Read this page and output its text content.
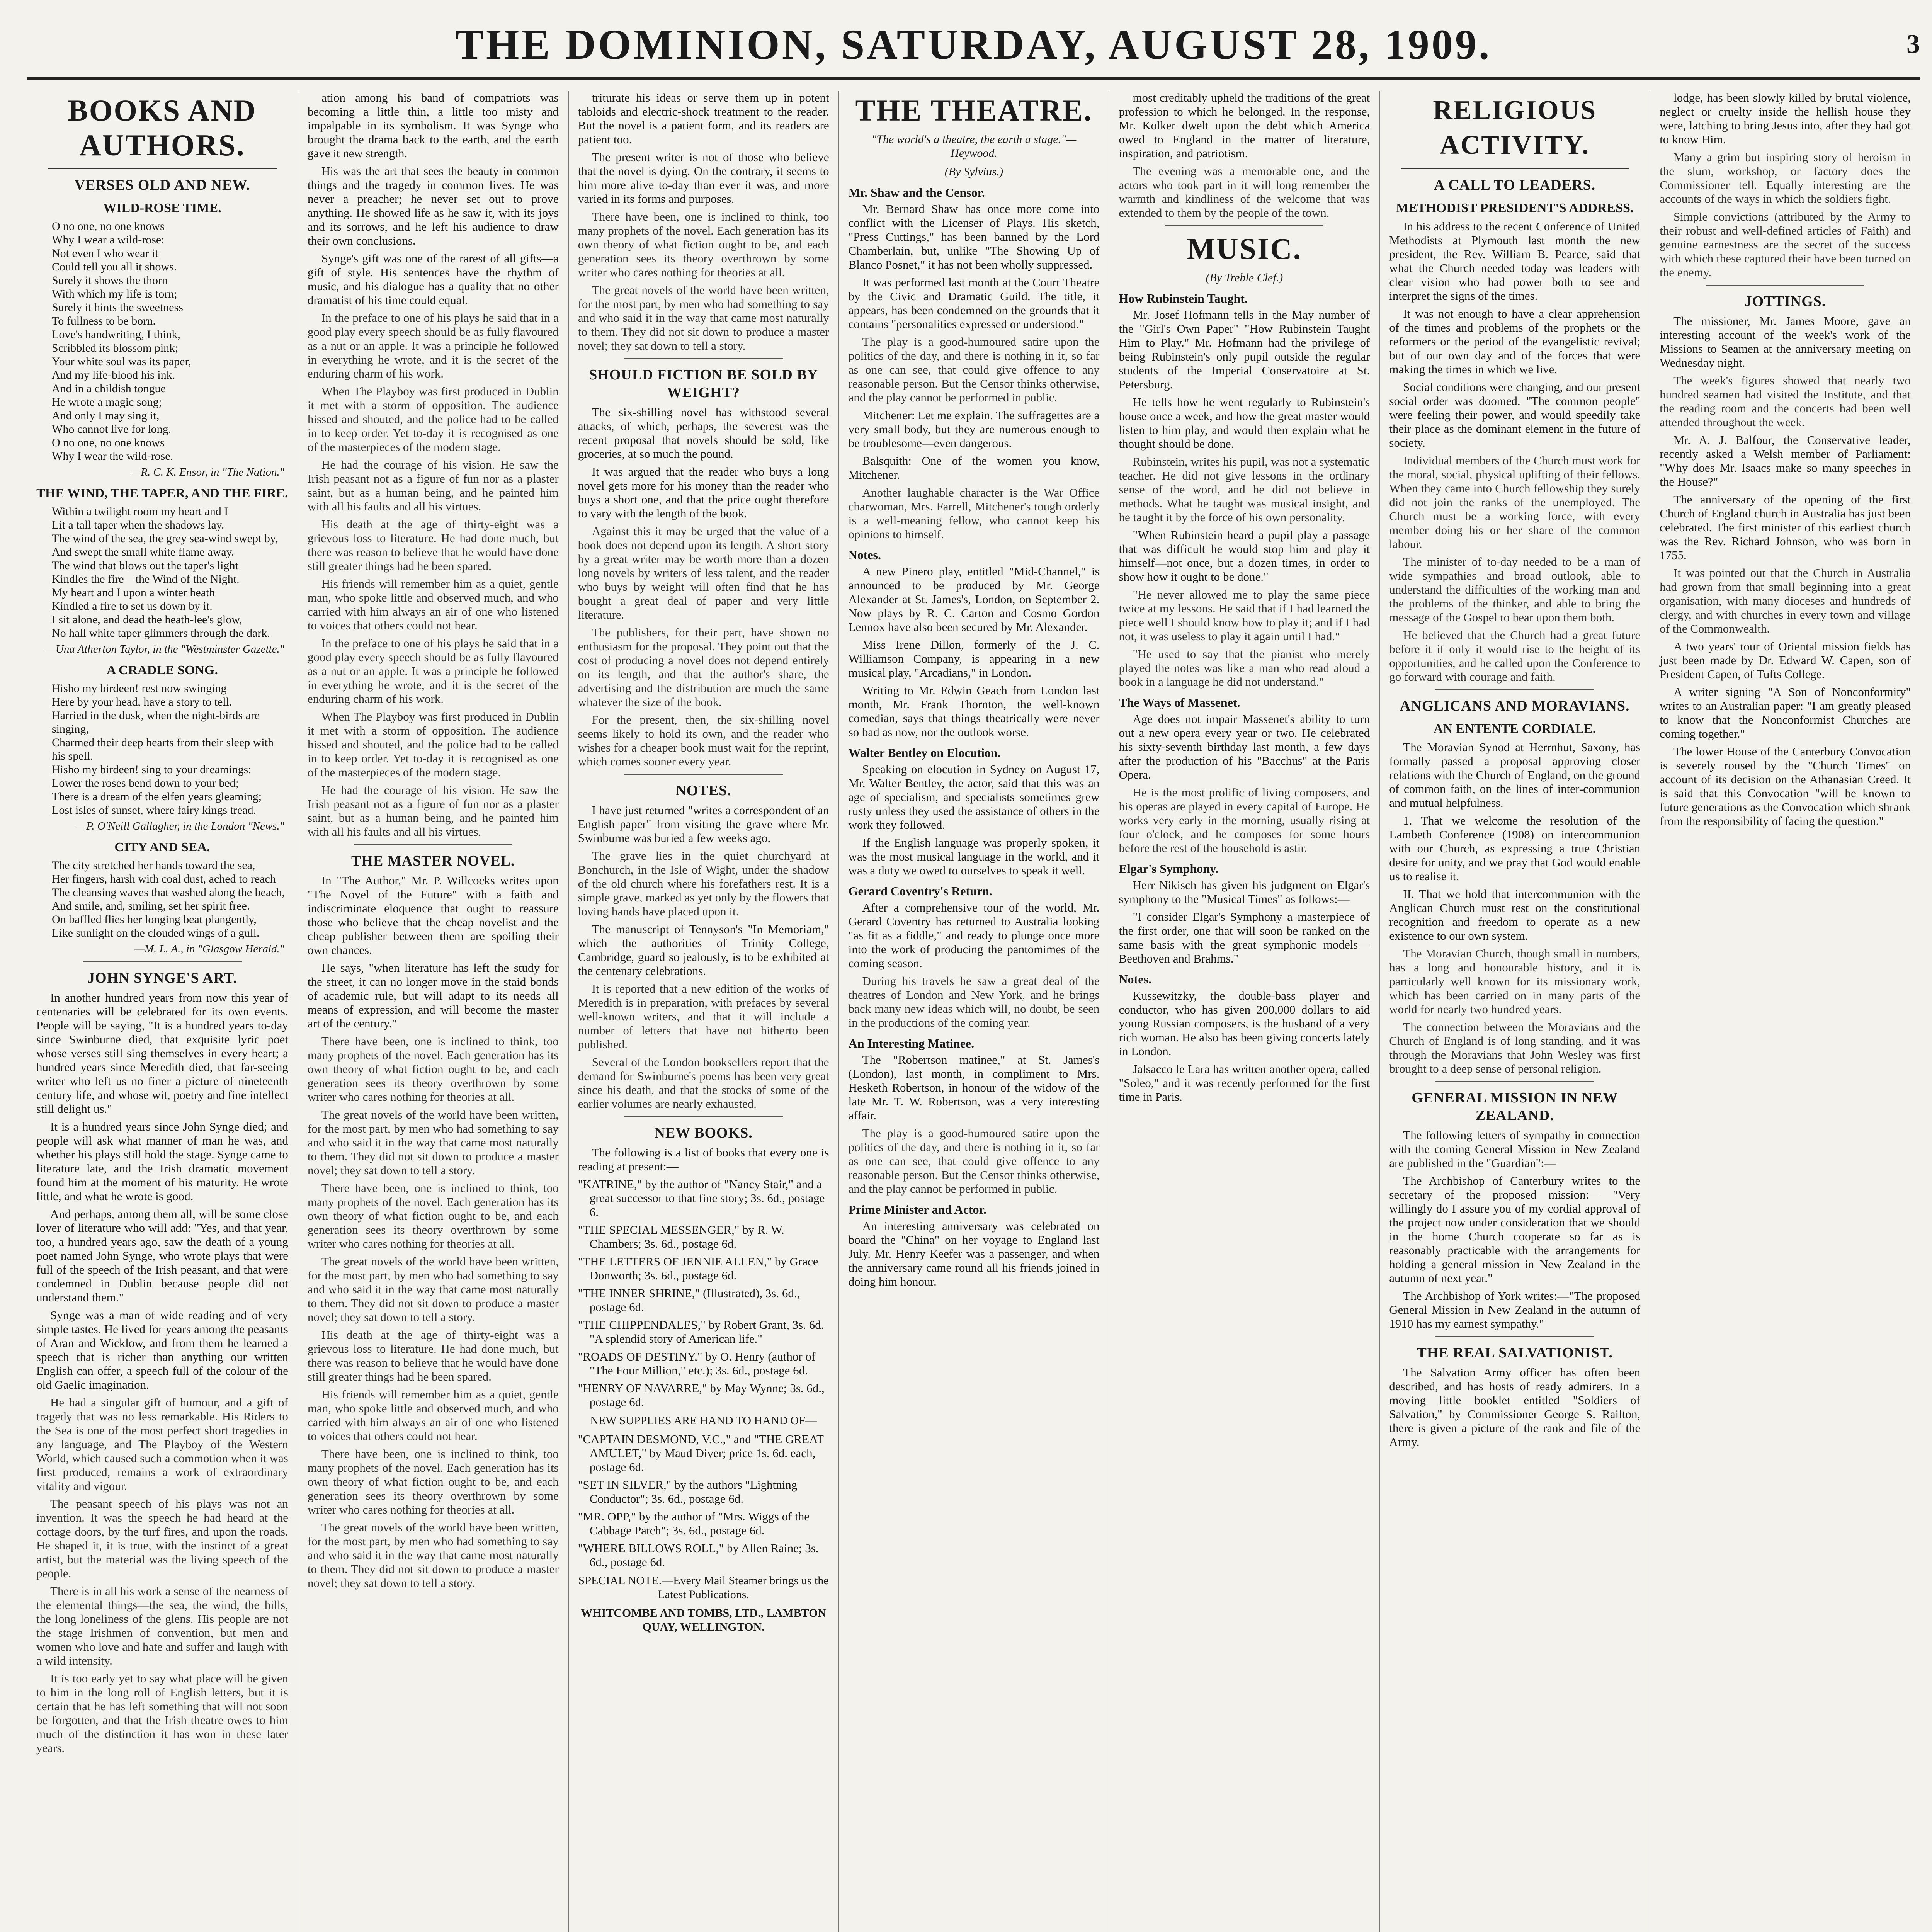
THE DOMINION, SATURDAY, AUGUST 28, 1909.	3
BOOKS AND AUTHORS.
VERSES OLD AND NEW.
WILD-ROSE TIME.
O no one, no one knows
Why I wear a wild-rose:
Not even I who wear it
Could tell you all it shows.
Surely it shows the thorn
With which my life is torn;
Surely it hints the sweetness
To fullness to be born.
Love's handwriting, I think,
Scribbled its blossom pink;
Your white soul was its paper,
And my life-blood his ink.
And in a childish tongue
He wrote a magic song;
And only I may sing it,
Who cannot live for long.
O no one, no one knows
Why I wear the wild-rose.
—R. C. K. Ensor, in "The Nation."
THE WIND, THE TAPER, AND THE FIRE.
Within a twilight room my heart and I
Lit a tall taper when the shadows lay.
The wind of the sea, the grey sea-wind swept by,
And swept the small white flame away.
The wind that blows out the taper's light
Kindles the fire—the Wind of the Night.
My heart and I upon a winter heath
Kindled a fire to set us down by it.
I sit alone, and dead the heath-lee's glow,
No hall white taper glimmers through the dark.
—Una Atherton Taylor, in the "Westminster Gazette."
A CRADLE SONG.
Hisho my birdeen! rest now swinging
Here by your head, have a story to tell.
Harried in the dusk, when the night-birds are singing,
Charmed their deep hearts from their sleep with his spell.
Hisho my birdeen! sing to your dreamings:
Lower the roses bend down to your bed;
There is a dream of the elfen years gleaming;
Lost isles of sunset, where fairy kings tread.
—P. O'Neill Gallagher, in the London "News."
CITY AND SEA.
The city stretched her hands toward the sea,
Her fingers, harsh with coal dust, ached to reach
The cleansing waves that washed along the beach,
And smile, and, smiling, set her spirit free.
On baffled flies her longing beat plangently,
Like sunlight on the clouded wings of a gull.
—M. L. A., in "Glasgow Herald."
JOHN SYNGE'S ART.

In another hundred years from now this year of centenaries will be celebrated for its own events. People will be saying, "It is a hundred years to-day since Swinburne died, that exquisite lyric poet whose verses still sing themselves in every heart; a hundred years since Meredith died, that far-seeing writer who left us no finer a picture of nineteenth century life, and whose wit, poetry and fine intellect still delight us."

It is a hundred years since John Synge died; and people will ask what manner of man he was, and whether his plays still hold the stage. Synge came to literature late, and the Irish dramatic movement found him at the moment of his maturity. He wrote little, and what he wrote is good.

And perhaps, among them all, will be some close lover of literature who will add: "Yes, and that year, too, a hundred years ago, saw the death of a young poet named John Synge, who wrote plays that were full of the speech of the Irish peasant, and that were condemned in Dublin because people did not understand them."

Synge was a man of wide reading and of very simple tastes. He lived for years among the peasants of Aran and Wicklow, and from them he learned a speech that is richer than anything our written English can offer, a speech full of the colour of the old Gaelic imagination.

He had a singular gift of humour, and a gift of tragedy that was no less remarkable. His Riders to the Sea is one of the most perfect short tragedies in any language, and The Playboy of the Western World, which caused such a commotion when it was first produced, remains a work of extraordinary vitality and vigour.

The peasant speech of his plays was not an invention. It was the speech he had heard at the cottage doors, by the turf fires, and upon the roads. He shaped it, it is true, with the instinct of a great artist, but the material was the living speech of the people.

There is in all his work a sense of the nearness of the elemental things—the sea, the wind, the hills, the long loneliness of the glens. His people are not the stage Irishmen of convention, but men and women who love and hate and suffer and laugh with a wild intensity.

It is too early yet to say what place will be given to him in the long roll of English letters, but it is certain that he has left something that will not soon be forgotten, and that the Irish theatre owes to him much of the distinction it has won in these later years.

ation among his band of compatriots was becoming a little thin, a little too misty and impalpable in its symbolism. It was Synge who brought the drama back to the earth, and the earth gave it new strength.

His was the art that sees the beauty in common things and the tragedy in common lives. He was never a preacher; he never set out to prove anything. He showed life as he saw it, with its joys and its sorrows, and he left his audience to draw their own conclusions.

Synge's gift was one of the rarest of all gifts—a gift of style. His sentences have the rhythm of music, and his dialogue has a quality that no other dramatist of his time could equal.

In the preface to one of his plays he said that in a good play every speech should be as fully flavoured as a nut or an apple. It was a principle he followed in everything he wrote, and it is the secret of the enduring charm of his work.

When The Playboy was first produced in Dublin it met with a storm of opposition. The audience hissed and shouted, and the police had to be called in to keep order. Yet to-day it is recognised as one of the masterpieces of the modern stage.

He had the courage of his vision. He saw the Irish peasant not as a figure of fun nor as a plaster saint, but as a human being, and he painted him with all his faults and all his virtues.

His death at the age of thirty-eight was a grievous loss to literature. He had done much, but there was reason to believe that he would have done still greater things had he been spared.

His friends will remember him as a quiet, gentle man, who spoke little and observed much, and who carried with him always an air of one who listened to voices that others could not hear.

In the preface to one of his plays he said that in a good play every speech should be as fully flavoured as a nut or an apple. It was a principle he followed in everything he wrote, and it is the secret of the enduring charm of his work.

When The Playboy was first produced in Dublin it met with a storm of opposition. The audience hissed and shouted, and the police had to be called in to keep order. Yet to-day it is recognised as one of the masterpieces of the modern stage.

He had the courage of his vision. He saw the Irish peasant not as a figure of fun nor as a plaster saint, but as a human being, and he painted him with all his faults and all his virtues.

THE MASTER NOVEL.

In "The Author," Mr. P. Willcocks writes upon "The Novel of the Future" with a faith and indiscriminate eloquence that ought to reassure those who believe that the cheap novelist and the cheap publisher between them are spoiling their own chances.

He says, "when literature has left the study for the street, it can no longer move in the staid bonds of academic rule, but will adapt to its needs all means of expression, and will become the master art of the century."

There have been, one is inclined to think, too many prophets of the novel. Each generation has its own theory of what fiction ought to be, and each generation sees its theory overthrown by some writer who cares nothing for theories at all.

The great novels of the world have been written, for the most part, by men who had something to say and who said it in the way that came most naturally to them. They did not sit down to produce a master novel; they sat down to tell a story.

There have been, one is inclined to think, too many prophets of the novel. Each generation has its own theory of what fiction ought to be, and each generation sees its theory overthrown by some writer who cares nothing for theories at all.

The great novels of the world have been written, for the most part, by men who had something to say and who said it in the way that came most naturally to them. They did not sit down to produce a master novel; they sat down to tell a story.

His death at the age of thirty-eight was a grievous loss to literature. He had done much, but there was reason to believe that he would have done still greater things had he been spared.

His friends will remember him as a quiet, gentle man, who spoke little and observed much, and who carried with him always an air of one who listened to voices that others could not hear.

There have been, one is inclined to think, too many prophets of the novel. Each generation has its own theory of what fiction ought to be, and each generation sees its theory overthrown by some writer who cares nothing for theories at all.

The great novels of the world have been written, for the most part, by men who had something to say and who said it in the way that came most naturally to them. They did not sit down to produce a master novel; they sat down to tell a story.

triturate his ideas or serve them up in potent tabloids and electric-shock treatment to the reader. But the novel is a patient form, and its readers are patient too.

The present writer is not of those who believe that the novel is dying. On the contrary, it seems to him more alive to-day than ever it was, and more varied in its forms and purposes.

There have been, one is inclined to think, too many prophets of the novel. Each generation has its own theory of what fiction ought to be, and each generation sees its theory overthrown by some writer who cares nothing for theories at all.

The great novels of the world have been written, for the most part, by men who had something to say and who said it in the way that came most naturally to them. They did not sit down to produce a master novel; they sat down to tell a story.

SHOULD FICTION BE SOLD BY WEIGHT?

The six-shilling novel has withstood several attacks, of which, perhaps, the severest was the recent proposal that novels should be sold, like groceries, at so much the pound.

It was argued that the reader who buys a long novel gets more for his money than the reader who buys a short one, and that the price ought therefore to vary with the length of the book.

Against this it may be urged that the value of a book does not depend upon its length. A short story by a great writer may be worth more than a dozen long novels by writers of less talent, and the reader who buys by weight will often find that he has bought a great deal of paper and very little literature.

The publishers, for their part, have shown no enthusiasm for the proposal. They point out that the cost of producing a novel does not depend entirely on its length, and that the author's share, the advertising and the distribution are much the same whatever the size of the book.

For the present, then, the six-shilling novel seems likely to hold its own, and the reader who wishes for a cheaper book must wait for the reprint, which comes sooner every year.

NOTES.

I have just returned "writes a correspondent of an English paper" from visiting the grave where Mr. Swinburne was buried a few weeks ago.

The grave lies in the quiet churchyard at Bonchurch, in the Isle of Wight, under the shadow of the old church where his forefathers rest. It is a simple grave, marked as yet only by the flowers that loving hands have placed upon it.

The manuscript of Tennyson's "In Memoriam," which the authorities of Trinity College, Cambridge, guard so jealously, is to be exhibited at the centenary celebrations.

It is reported that a new edition of the works of Meredith is in preparation, with prefaces by several well-known writers, and that it will include a number of letters that have not hitherto been published.

Several of the London booksellers report that the demand for Swinburne's poems has been very great since his death, and that the stocks of some of the earlier volumes are nearly exhausted.

NEW BOOKS.

The following is a list of books that every one is reading at present:—

"KATRINE," by the author of "Nancy Stair," and a great successor to that fine story; 3s. 6d., postage 6.
"THE SPECIAL MESSENGER," by R. W. Chambers; 3s. 6d., postage 6d.
"THE LETTERS OF JENNIE ALLEN," by Grace Donworth; 3s. 6d., postage 6d.
"THE INNER SHRINE," (Illustrated), 3s. 6d., postage 6d.
"THE CHIPPENDALES," by Robert Grant, 3s. 6d. "A splendid story of American life."
"ROADS OF DESTINY," by O. Henry (author of "The Four Million," etc.); 3s. 6d., postage 6d.
"HENRY OF NAVARRE," by May Wynne; 3s. 6d., postage 6d.
NEW SUPPLIES ARE HAND TO HAND OF—
"CAPTAIN DESMOND, V.C.," and "THE GREAT AMULET," by Maud Diver; price 1s. 6d. each, postage 6d.
"SET IN SILVER," by the authors "Lightning Conductor"; 3s. 6d., postage 6d.
"MR. OPP," by the author of "Mrs. Wiggs of the Cabbage Patch"; 3s. 6d., postage 6d.
"WHERE BILLOWS ROLL," by Allen Raine; 3s. 6d., postage 6d.
SPECIAL NOTE.—Every Mail Steamer brings us the Latest Publications.
WHITCOMBE AND TOMBS, LTD., LAMBTON QUAY, WELLINGTON.
THE THEATRE.
"The world's a theatre, the earth a stage."—Heywood.
(By Sylvius.)
Mr. Shaw and the Censor.

Mr. Bernard Shaw has once more come into conflict with the Licenser of Plays. His sketch, "Press Cuttings," has been banned by the Lord Chamberlain, but, unlike "The Showing Up of Blanco Posnet," it has not been wholly suppressed.

It was performed last month at the Court Theatre by the Civic and Dramatic Guild. The title, it appears, has been condemned on the grounds that it contains "personalities expressed or understood."

The play is a good-humoured satire upon the politics of the day, and there is nothing in it, so far as one can see, that could give offence to any reasonable person. But the Censor thinks otherwise, and the play cannot be performed in public.

Mitchener: Let me explain. The suffragettes are a very small body, but they are numerous enough to be troublesome—even dangerous.

Balsquith: One of the women you know, Mitchener.

Another laughable character is the War Office charwoman, Mrs. Farrell, Mitchener's tough orderly is a well-meaning fellow, who cannot keep his opinions to himself.

Notes.

A new Pinero play, entitled "Mid-Channel," is announced to be produced by Mr. George Alexander at St. James's, London, on September 2. Now plays by R. C. Carton and Cosmo Gordon Lennox have also been secured by Mr. Alexander.

Miss Irene Dillon, formerly of the J. C. Williamson Company, is appearing in a new musical play, "Arcadians," in London.

Writing to Mr. Edwin Geach from London last month, Mr. Frank Thornton, the well-known comedian, says that things theatrically were never so bad as now, nor the outlook worse.

Walter Bentley on Elocution.

Speaking on elocution in Sydney on August 17, Mr. Walter Bentley, the actor, said that this was an age of specialism, and specialists sometimes grew rusty unless they used the assistance of others in the work they followed.

If the English language was properly spoken, it was the most musical language in the world, and it was a duty we owed to ourselves to speak it well.

Gerard Coventry's Return.

After a comprehensive tour of the world, Mr. Gerard Coventry has returned to Australia looking "as fit as a fiddle," and ready to plunge once more into the work of producing the pantomimes of the coming season.

During his travels he saw a great deal of the theatres of London and New York, and he brings back many new ideas which will, no doubt, be seen in the productions of the coming year.

An Interesting Matinee.

The "Robertson matinee," at St. James's (London), last month, in compliment to Mrs. Hesketh Robertson, in honour of the widow of the late Mr. T. W. Robertson, was a very interesting affair.

The play is a good-humoured satire upon the politics of the day, and there is nothing in it, so far as one can see, that could give offence to any reasonable person. But the Censor thinks otherwise, and the play cannot be performed in public.

Prime Minister and Actor.

An interesting anniversary was celebrated on board the "China" on her voyage to England last July. Mr. Henry Keefer was a passenger, and when the anniversary came round all his friends joined in doing him honour.

most creditably upheld the traditions of the great profession to which he belonged. In the response, Mr. Kolker dwelt upon the debt which America owed to England in the matter of literature, inspiration, and patriotism.

The evening was a memorable one, and the actors who took part in it will long remember the warmth and kindliness of the welcome that was extended to them by the people of the town.

MUSIC.
(By Treble Clef.)
How Rubinstein Taught.

Mr. Josef Hofmann tells in the May number of the "Girl's Own Paper" "How Rubinstein Taught Him to Play." Mr. Hofmann had the privilege of being Rubinstein's only pupil outside the regular students of the Imperial Conservatoire at St. Petersburg.

He tells how he went regularly to Rubinstein's house once a week, and how the great master would listen to him play, and would then explain what he thought should be done.

Rubinstein, writes his pupil, was not a systematic teacher. He did not give lessons in the ordinary sense of the word, and he did not believe in methods. What he taught was musical insight, and he taught it by the force of his own personality.

"When Rubinstein heard a pupil play a passage that was difficult he would stop him and play it himself—not once, but a dozen times, in order to show how it ought to be done."

"He never allowed me to play the same piece twice at my lessons. He said that if I had learned the piece well I should know how to play it; and if I had not, it was useless to play it again until I had."

"He used to say that the pianist who merely played the notes was like a man who read aloud a book in a language he did not understand."

The Ways of Massenet.

Age does not impair Massenet's ability to turn out a new opera every year or two. He celebrated his sixty-seventh birthday last month, a few days after the production of his "Bacchus" at the Paris Opera.

He is the most prolific of living composers, and his operas are played in every capital of Europe. He works very early in the morning, usually rising at four o'clock, and he composes for some hours before the rest of the household is astir.

Elgar's Symphony.

Herr Nikisch has given his judgment on Elgar's symphony to the "Musical Times" as follows:—

"I consider Elgar's Symphony a masterpiece of the first order, one that will soon be ranked on the same basis with the great symphonic models—Beethoven and Brahms."

Notes.

Kussewitzky, the double-bass player and conductor, who has given 200,000 dollars to aid young Russian composers, is the husband of a very rich woman. He also has been giving concerts lately in London.

Jalsacco le Lara has written another opera, called "Soleo," and it was recently performed for the first time in Paris.

RELIGIOUS ACTIVITY.
A CALL TO LEADERS.
METHODIST PRESIDENT'S ADDRESS.

In his address to the recent Conference of United Methodists at Plymouth last month the new president, the Rev. William B. Pearce, said that what the Church needed today was leaders with clear vision who had power both to see and interpret the signs of the times.

It was not enough to have a clear apprehension of the times and problems of the prophets or the reformers or the period of the evangelistic revival; but of our own day and of the forces that were making the times in which we live.

Social conditions were changing, and our present social order was doomed. "The common people" were feeling their power, and would speedily take their place as the dominant element in the future of society.

Individual members of the Church must work for the moral, social, physical uplifting of their fellows. When they came into Church fellowship they surely did not join the ranks of the unemployed. The Church must be a working force, with every member doing his or her share of the common labour.

The minister of to-day needed to be a man of wide sympathies and broad outlook, able to understand the difficulties of the working man and the problems of the thinker, and able to bring the message of the Gospel to bear upon them both.

He believed that the Church had a great future before it if only it would rise to the height of its opportunities, and he called upon the Conference to go forward with courage and faith.

ANGLICANS AND MORAVIANS.
AN ENTENTE CORDIALE.

The Moravian Synod at Herrnhut, Saxony, has formally passed a proposal approving closer relations with the Church of England, on the ground of common faith, on the lines of inter-communion and mutual helpfulness.

1. That we welcome the resolution of the Lambeth Conference (1908) on intercommunion with our Church, as expressing a true Christian desire for unity, and we pray that God would enable us to realise it.

II. That we hold that intercommunion with the Anglican Church must rest on the constitutional recognition and freedom to operate as a new existence to our own system.

The Moravian Church, though small in numbers, has a long and honourable history, and it is particularly well known for its missionary work, which has been carried on in many parts of the world for nearly two hundred years.

The connection between the Moravians and the Church of England is of long standing, and it was through the Moravians that John Wesley was first brought to a deep sense of personal religion.

GENERAL MISSION IN NEW ZEALAND.

The following letters of sympathy in connection with the coming General Mission in New Zealand are published in the "Guardian":—

The Archbishop of Canterbury writes to the secretary of the proposed mission:— "Very willingly do I assure you of my cordial approval of the project now under consideration that we should in the home Church cooperate so far as is reasonably practicable with the arrangements for holding a general mission in New Zealand in the autumn of next year."

The Archbishop of York writes:—"The proposed General Mission in New Zealand in the autumn of 1910 has my earnest sympathy."

THE REAL SALVATIONIST.

The Salvation Army officer has often been described, and has hosts of ready admirers. In a moving little booklet entitled "Soldiers of Salvation," by Commissioner George S. Railton, there is given a picture of the rank and file of the Army.

lodge, has been slowly killed by brutal violence, neglect or cruelty inside the hellish house they were, latching to bring Jesus into, after they had got to know Him.

Many a grim but inspiring story of heroism in the slum, workshop, or factory does the Commissioner tell. Equally interesting are the accounts of the ways in which the soldiers fight.

Simple convictions (attributed by the Army to their robust and well-defined articles of Faith) and genuine earnestness are the secret of the success with which these captured their have been turned on the enemy.

JOTTINGS.

The missioner, Mr. James Moore, gave an interesting account of the week's work of the Missions to Seamen at the anniversary meeting on Wednesday night.

The week's figures showed that nearly two hundred seamen had visited the Institute, and that the reading room and the concerts had been well attended throughout the week.

Mr. A. J. Balfour, the Conservative leader, recently asked a Welsh member of Parliament: "Why does Mr. Isaacs make so many speeches in the House?"

The anniversary of the opening of the first Church of England church in Australia has just been celebrated. The first minister of this earliest church was the Rev. Richard Johnson, who was born in 1755.

It was pointed out that the Church in Australia had grown from that small beginning into a great organisation, with many dioceses and hundreds of clergy, and with churches in every town and village of the Commonwealth.

A two years' tour of Oriental mission fields has just been made by Dr. Edward W. Capen, son of President Capen, of Tufts College.

A writer signing "A Son of Nonconformity" writes to an Australian paper: "I am greatly pleased to know that the Nonconformist Churches are coming together."

The lower House of the Canterbury Convocation is severely roused by the "Church Times" on account of its decision on the Athanasian Creed. It is said that this Convocation "will be known to future generations as the Convocation which shrank from the responsibility of facing the question."
